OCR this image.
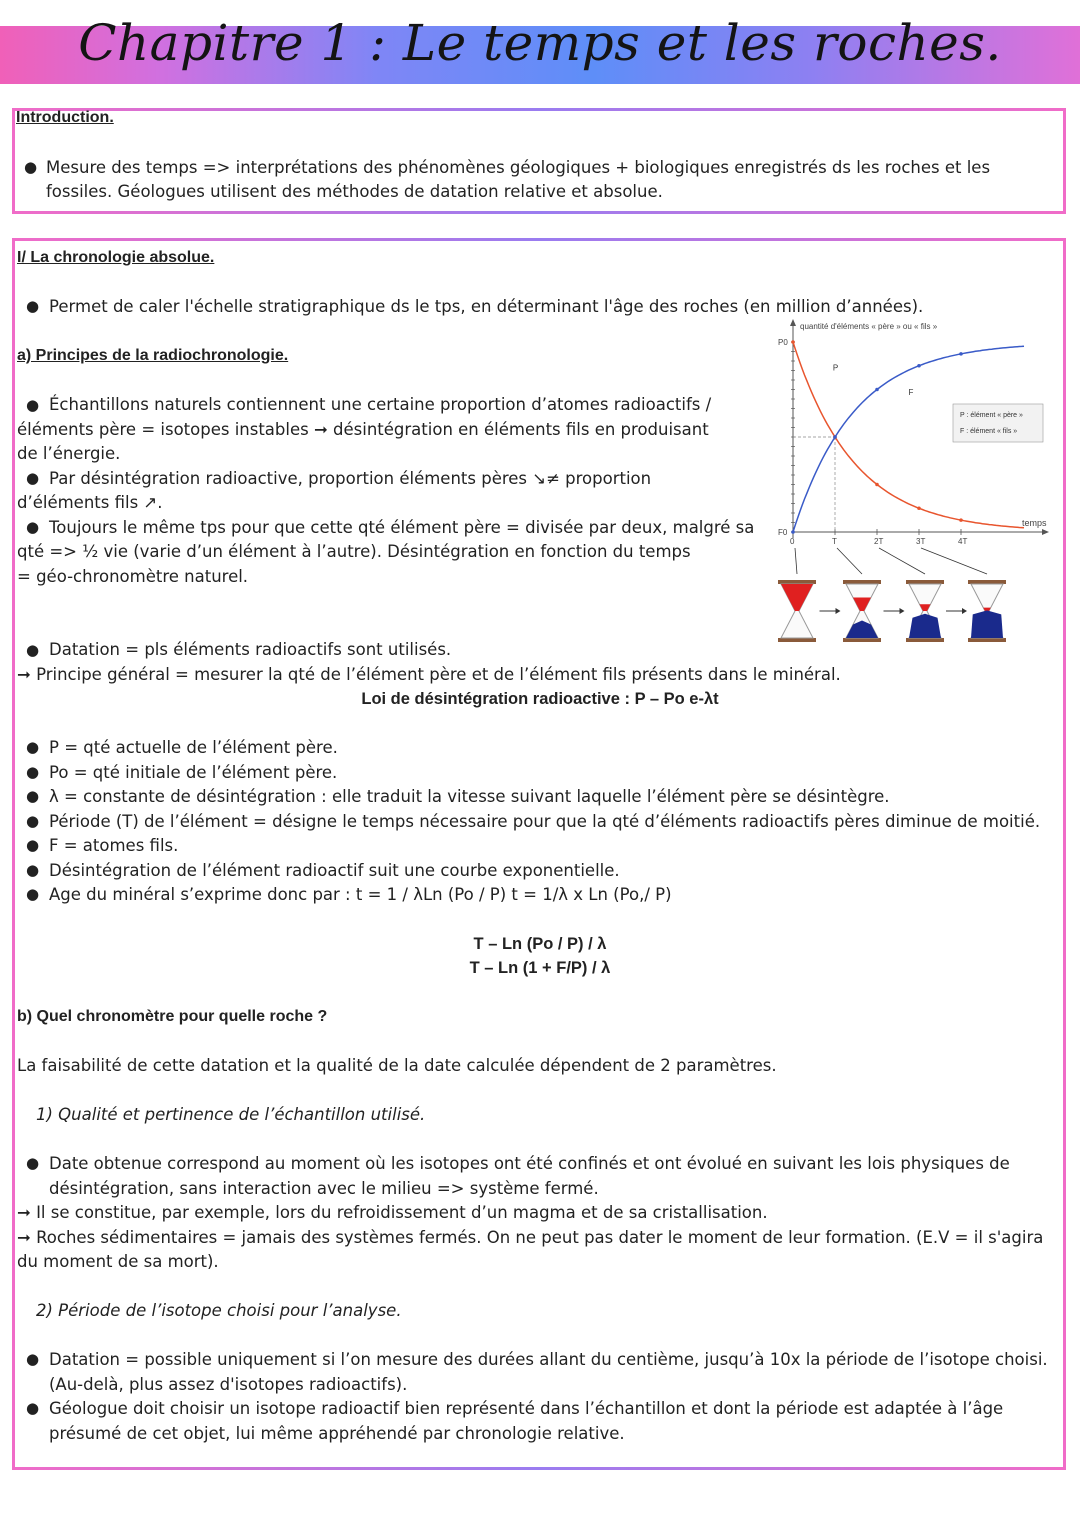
Chapitre 1 : Le temps et les roches.
Introduction.
● Mesure des temps => interprétations des phénomènes géologiques + biologiques enregistrés ds les roches et les
fossiles. Géologues utilisent des méthodes de datation relative et absolue.
I/ La chronologie absolue.
● Permet de caler l'échelle stratigraphique ds le tps, en déterminant l'âge des roches (en million d’années).
a) Principes de la radiochronologie.
● Échantillons naturels contiennent une certaine proportion d’atomes radioactifs /
éléments père = isotopes instables ➞ désintégration en éléments fils en produisant
de l’énergie.
● Par désintégration radioactive, proportion éléments pères ↘≠ proportion
d’éléments fils ↗.
● Toujours le même tps pour que cette qté élément père = divisée par deux, malgré sa
qté => ½ vie (varie d’un élément à l’autre). Désintégration en fonction du temps
= géo-chronomètre naturel.
● Datation = pls éléments radioactifs sont utilisés.
➞ Principe général = mesurer la qté de l’élément père et de l’élément fils présents dans le minéral.
Loi de désintégration radioactive : P – Po e-λt
● P = qté actuelle de l’élément père.
● Po = qté initiale de l’élément père.
● λ = constante de désintégration : elle traduit la vitesse suivant laquelle l’élément père se désintègre.
● Période (T) de l’élément = désigne le temps nécessaire pour que la qté d’éléments radioactifs pères diminue de moitié.
● F = atomes fils.
● Désintégration de l’élément radioactif suit une courbe exponentielle.
● Age du minéral s’exprime donc par : t = 1 / λLn (Po / P) t = 1/λ x Ln (Po,/ P)
T – Ln (Po / P) / λ
T – Ln (1 + F/P) / λ
b) Quel chronomètre pour quelle roche ?
La faisabilité de cette datation et la qualité de la date calculée dépendent de 2 paramètres.
1) Qualité et pertinence de l’échantillon utilisé.
● Date obtenue correspond au moment où les isotopes ont été confinés et ont évolué en suivant les lois physiques de
désintégration, sans interaction avec le milieu => système fermé.
➞ Il se constitue, par exemple, lors du refroidissement d’un magma et de sa cristallisation.
➞ Roches sédimentaires = jamais des systèmes fermés. On ne peut pas dater le moment de leur formation. (E.V = il s'agira
du moment de sa mort).
2) Période de l’isotope choisi pour l’analyse.
● Datation = possible uniquement si l’on mesure des durées allant du centième, jusqu’à 10x la période de l’isotope choisi.
(Au-delà, plus assez d'isotopes radioactifs).
● Géologue doit choisir un isotope radioactif bien représenté dans l’échantillon et dont la période est adaptée à l’âge
présumé de cet objet, lui même appréhendé par chronologie relative.
quantité d'éléments « père » ou « fils »
temps
P0
F0
0	T	2T	3T	4T
P
F
P : élément « père »
F : élément « fils »
